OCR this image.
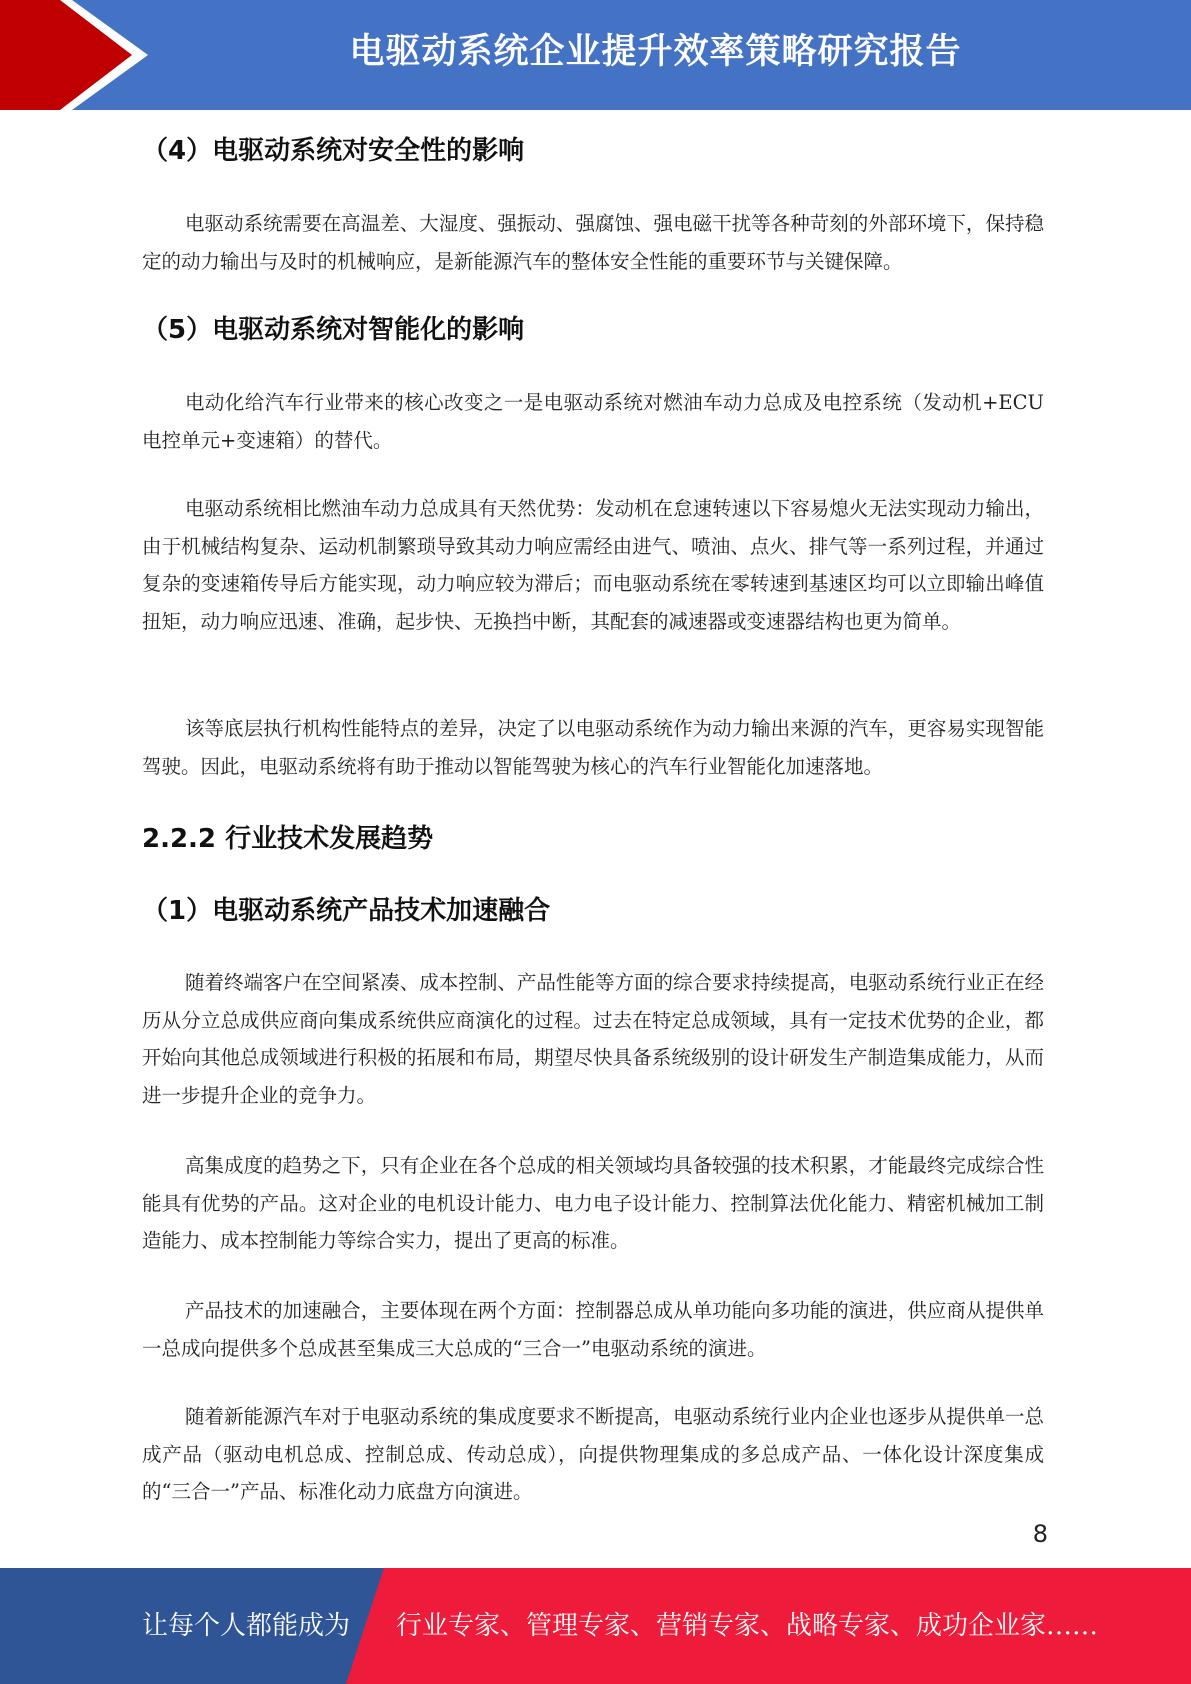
电驱动系统企业提升效率策略研究报告
（4）电驱动系统对安全性的影响

电驱动系统需要在高温差、大湿度、强振动、强腐蚀、强电磁干扰等各种苛刻的外部环境下，保持稳定的动力输出与及时的机械响应，是新能源汽车的整体安全性能的重要环节与关键保障。

（5）电驱动系统对智能化的影响

电动化给汽车行业带来的核心改变之一是电驱动系统对燃油车动力总成及电控系统（发动机+ECU 电控单元+变速箱）的替代。

电驱动系统相比燃油车动力总成具有天然优势：发动机在怠速转速以下容易熄火无法实现动力输出，由于机械结构复杂、运动机制繁琐导致其动力响应需经由进气、喷油、点火、排气等一系列过程，并通过复杂的变速箱传导后方能实现，动力响应较为滞后；而电驱动系统在零转速到基速区均可以立即输出峰值扭矩，动力响应迅速、准确，起步快、无换挡中断，其配套的减速器或变速器结构也更为简单。

该等底层执行机构性能特点的差异，决定了以电驱动系统作为动力输出来源的汽车，更容易实现智能驾驶。因此，电驱动系统将有助于推动以智能驾驶为核心的汽车行业智能化加速落地。

2.2.2 行业技术发展趋势
（1）电驱动系统产品技术加速融合

随着终端客户在空间紧凑、成本控制、产品性能等方面的综合要求持续提高，电驱动系统行业正在经历从分立总成供应商向集成系统供应商演化的过程。过去在特定总成领域，具有一定技术优势的企业，都开始向其他总成领域进行积极的拓展和布局，期望尽快具备系统级别的设计研发生产制造集成能力，从而进一步提升企业的竞争力。

高集成度的趋势之下，只有企业在各个总成的相关领域均具备较强的技术积累，才能最终完成综合性能具有优势的产品。这对企业的电机设计能力、电力电子设计能力、控制算法优化能力、精密机械加工制造能力、成本控制能力等综合实力，提出了更高的标准。

产品技术的加速融合，主要体现在两个方面：控制器总成从单功能向多功能的演进，供应商从提供单一总成向提供多个总成甚至集成三大总成的“三合一”电驱动系统的演进。

随着新能源汽车对于电驱动系统的集成度要求不断提高，电驱动系统行业内企业也逐步从提供单一总成产品（驱动电机总成、控制总成、传动总成），向提供物理集成的多总成产品、一体化设计深度集成的“三合一”产品、标准化动力底盘方向演进。

8
让每个人都能成为 行业专家、管理专家、营销专家、战略专家、成功企业家……
